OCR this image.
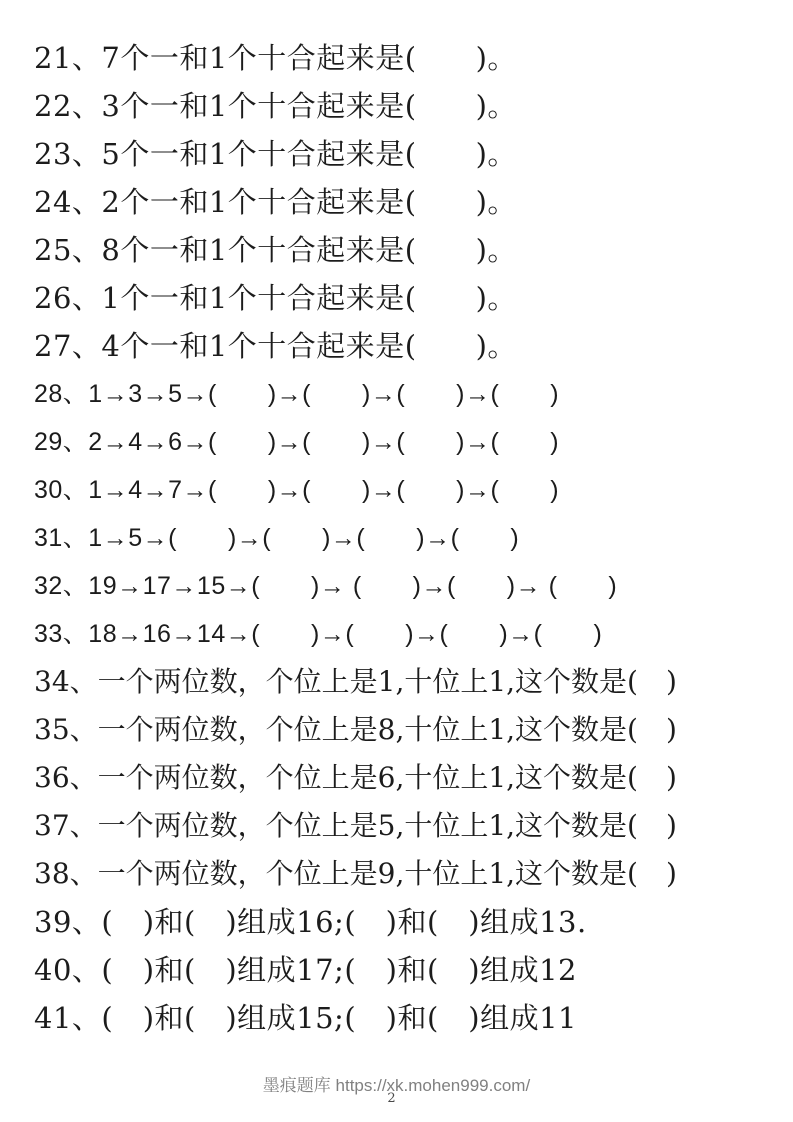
21、7个一和1个十合起来是(　　)。
22、3个一和1个十合起来是(　　)。
23、5个一和1个十合起来是(　　)。
24、2个一和1个十合起来是(　　)。
25、8个一和1个十合起来是(　　)。
26、1个一和1个十合起来是(　　)。
27、4个一和1个十合起来是(　　)。
28、1→3→5→(　　)→(　　)→(　　)→(　　)
29、2→4→6→(　　)→(　　)→(　　)→(　　)
30、1→4→7→(　　)→(　　)→(　　)→(　　)
31、1→5→(　　)→(　　)→(　　)→(　　)
32、19→17→15→(　　)→ (　　)→(　　)→ (　　)
33、18→16→14→(　　)→(　　)→(　　)→(　　)
34、一个两位数，个位上是1,十位上1,这个数是(　)
35、一个两位数，个位上是8,十位上1,这个数是(　)
36、一个两位数，个位上是6,十位上1,这个数是(　)
37、一个两位数，个位上是5,十位上1,这个数是(　)
38、一个两位数，个位上是9,十位上1,这个数是(　)
39、(　)和(　)组成16;(　)和(　)组成13.
40、(　)和(　)组成17;(　)和(　)组成12
41、(　)和(　)组成15;(　)和(　)组成11
墨痕题库 https://xk.mohen999.com/
2
